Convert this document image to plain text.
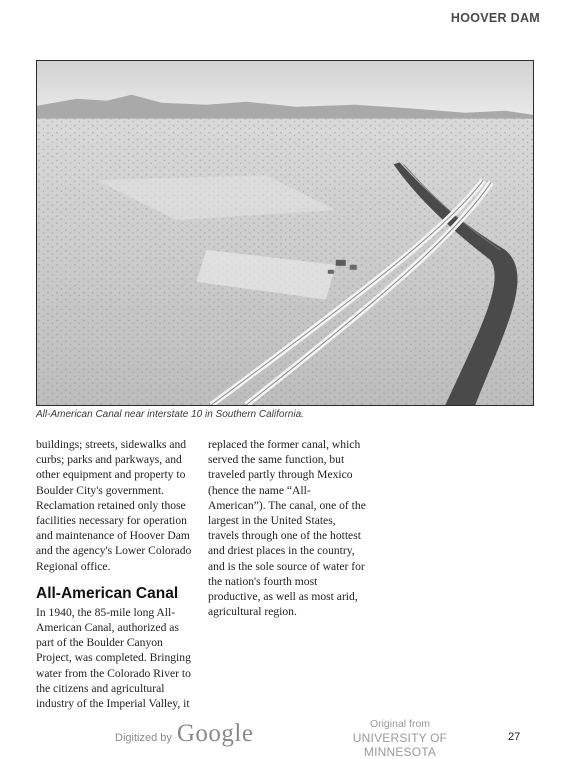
HOOVER DAM
All-American Canal near interstate 10 in Southern California.

buildings; streets, sidewalks and curbs; parks and parkways, and other equipment and property to Boulder City's government. Reclamation retained only those facilities necessary for operation and maintenance of Hoover Dam and the agency's Lower Colorado Regional office.

All-American Canal

In 1940, the 85-mile long All-American Canal, authorized as part of the Boulder Canyon Project, was completed. Bringing water from the Colorado River to the citizens and agricultural industry of the Imperial Valley, it

replaced the former canal, which served the same function, but traveled partly through Mexico (hence the name “All-American”). The canal, one of the largest in the United States, travels through one of the hottest and driest places in the country, and is the sole source of water for the nation's fourth most productive, as well as most arid, agricultural region.

Digitized by Google	Original from
UNIVERSITY OF MINNESOTA
27
